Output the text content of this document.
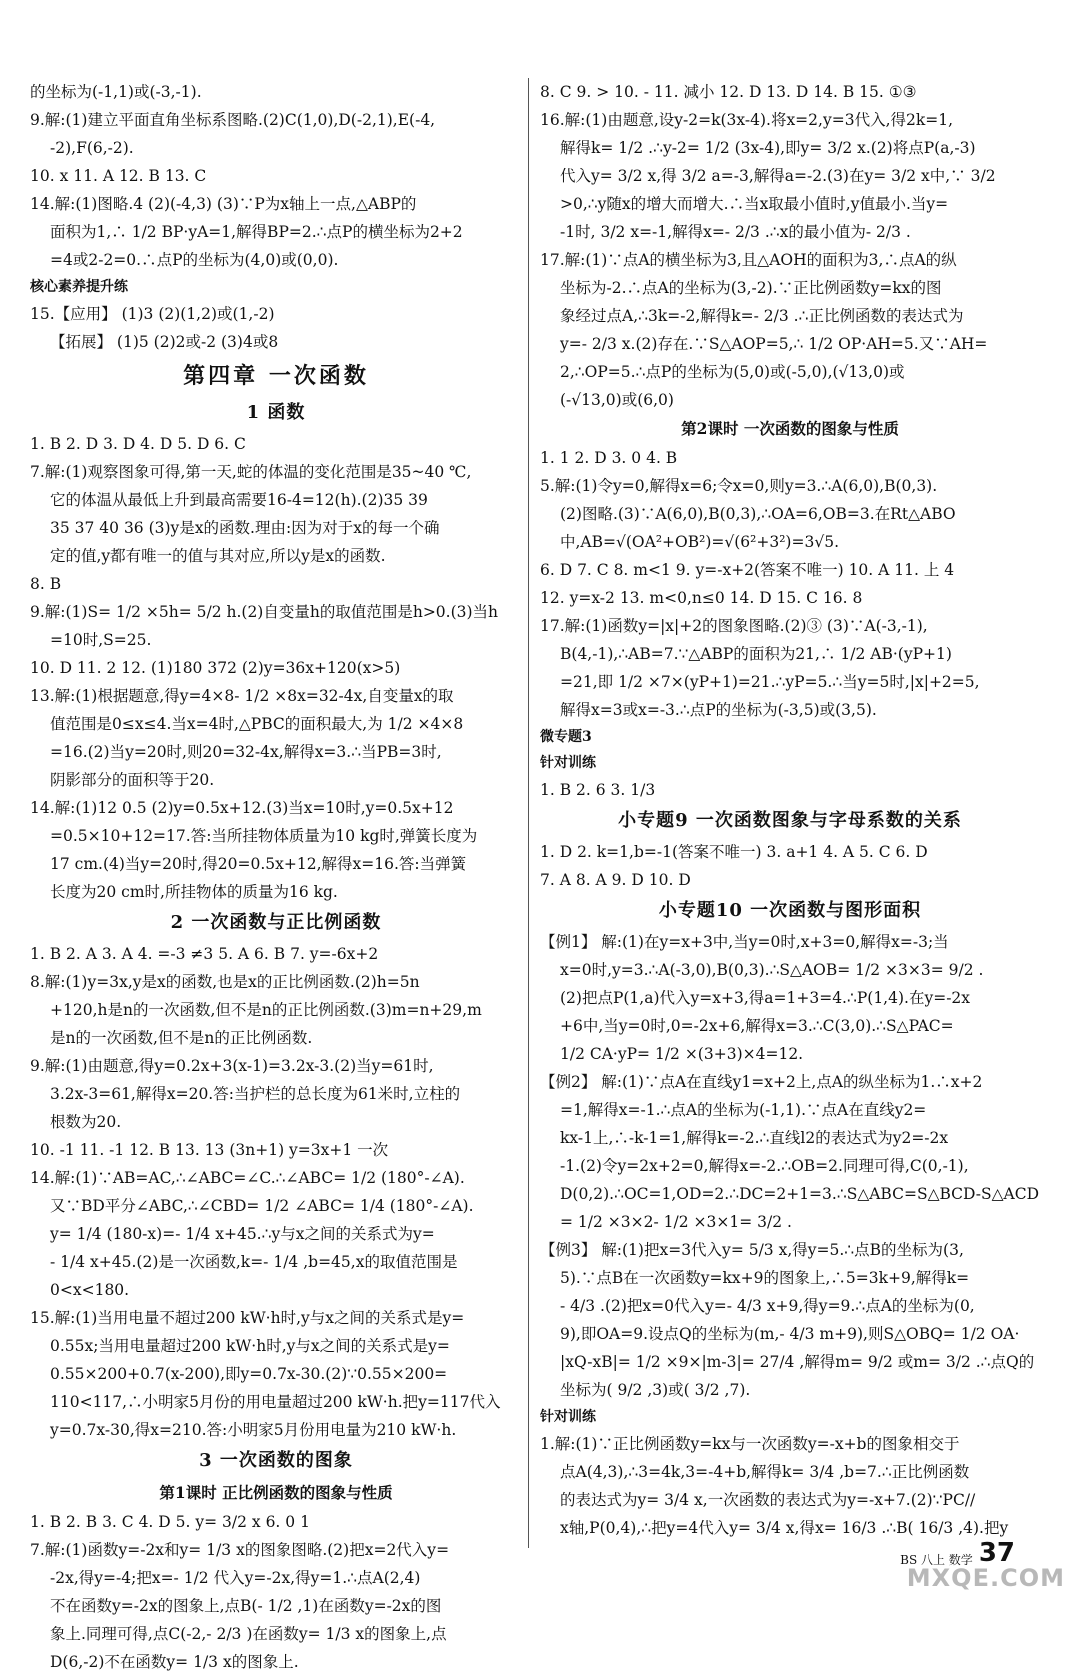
的坐标为(-1,1)或(-3,-1).
9.解:(1)建立平面直角坐标系图略.(2)C(1,0),D(-2,1),E(-4,
-2),F(6,-2).
10. x 11. A 12. B 13. C
14.解:(1)图略.4 (2)(-4,3) (3)∵P为x轴上一点,△ABP的
面积为1,∴ 1/2 BP·yA=1,解得BP=2.∴点P的横坐标为2+2
=4或2-2=0.∴点P的坐标为(4,0)或(0,0).
核心素养提升练
15.【应用】 (1)3 (2)(1,2)或(1,-2)
【拓展】 (1)5 (2)2或-2 (3)4或8
第四章 一次函数
1 函数
1. B 2. D 3. D 4. D 5. D 6. C
7.解:(1)观察图象可得,第一天,蛇的体温的变化范围是35~40 ℃,
它的体温从最低上升到最高需要16-4=12(h).(2)35 39
35 37 40 36 (3)y是x的函数.理由:因为对于x的每一个确
定的值,y都有唯一的值与其对应,所以y是x的函数.
8. B
9.解:(1)S= 1/2 ×5h= 5/2 h.(2)自变量h的取值范围是h>0.(3)当h
=10时,S=25.
10. D 11. 2 12. (1)180 372 (2)y=36x+120(x>5)
13.解:(1)根据题意,得y=4×8- 1/2 ×8x=32-4x,自变量x的取
值范围是0≤x≤4.当x=4时,△PBC的面积最大,为 1/2 ×4×8
=16.(2)当y=20时,则20=32-4x,解得x=3.∴当PB=3时,
阴影部分的面积等于20.
14.解:(1)12 0.5 (2)y=0.5x+12.(3)当x=10时,y=0.5x+12
=0.5×10+12=17.答:当所挂物体质量为10 kg时,弹簧长度为
17 cm.(4)当y=20时,得20=0.5x+12,解得x=16.答:当弹簧
长度为20 cm时,所挂物体的质量为16 kg.
2 一次函数与正比例函数
1. B 2. A 3. A 4. =-3 ≠3 5. A 6. B 7. y=-6x+2
8.解:(1)y=3x,y是x的函数,也是x的正比例函数.(2)h=5n
+120,h是n的一次函数,但不是n的正比例函数.(3)m=n+29,m
是n的一次函数,但不是n的正比例函数.
9.解:(1)由题意,得y=0.2x+3(x-1)=3.2x-3.(2)当y=61时,
3.2x-3=61,解得x=20.答:当护栏的总长度为61米时,立柱的
根数为20.
10. -1 11. -1 12. B 13. 13 (3n+1) y=3x+1 一次
14.解:(1)∵AB=AC,∴∠ABC=∠C.∴∠ABC= 1/2 (180°-∠A).
又∵BD平分∠ABC,∴∠CBD= 1/2 ∠ABC= 1/4 (180°-∠A).
y= 1/4 (180-x)=- 1/4 x+45.∴y与x之间的关系式为y=
- 1/4 x+45.(2)是一次函数,k=- 1/4 ,b=45,x的取值范围是
0<x<180.
15.解:(1)当用电量不超过200 kW·h时,y与x之间的关系式是y=
0.55x;当用电量超过200 kW·h时,y与x之间的关系式是y=
0.55×200+0.7(x-200),即y=0.7x-30.(2)∵0.55×200=
110<117,∴小明家5月份的用电量超过200 kW·h.把y=117代入
y=0.7x-30,得x=210.答:小明家5月份用电量为210 kW·h.
3 一次函数的图象
第1课时 正比例函数的图象与性质
1. B 2. B 3. C 4. D 5. y= 3/2 x 6. 0 1
7.解:(1)函数y=-2x和y= 1/3 x的图象图略.(2)把x=2代入y=
-2x,得y=-4;把x=- 1/2 代入y=-2x,得y=1.∴点A(2,4)
不在函数y=-2x的图象上,点B(- 1/2 ,1)在函数y=-2x的图
象上.同理可得,点C(-2,- 2/3 )在函数y= 1/3 x的图象上,点
D(6,-2)不在函数y= 1/3 x的图象上.
8. C 9. > 10. - 11. 减小 12. D 13. D 14. B 15. ①③
16.解:(1)由题意,设y-2=k(3x-4).将x=2,y=3代入,得2k=1,
解得k= 1/2 .∴y-2= 1/2 (3x-4),即y= 3/2 x.(2)将点P(a,-3)
代入y= 3/2 x,得 3/2 a=-3,解得a=-2.(3)在y= 3/2 x中,∵ 3/2
>0,∴y随x的增大而增大.∴当x取最小值时,y值最小.当y=
-1时, 3/2 x=-1,解得x=- 2/3 .∴x的最小值为- 2/3 .
17.解:(1)∵点A的横坐标为3,且△AOH的面积为3,∴点A的纵
坐标为-2.∴点A的坐标为(3,-2).∵正比例函数y=kx的图
象经过点A,∴3k=-2,解得k=- 2/3 .∴正比例函数的表达式为
y=- 2/3 x.(2)存在.∵S△AOP=5,∴ 1/2 OP·AH=5.又∵AH=
2,∴OP=5.∴点P的坐标为(5,0)或(-5,0),(√13,0)或
(-√13,0)或(6,0)
第2课时 一次函数的图象与性质
1. 1 2. D 3. 0 4. B
5.解:(1)令y=0,解得x=6;令x=0,则y=3.∴A(6,0),B(0,3).
(2)图略.(3)∵A(6,0),B(0,3),∴OA=6,OB=3.在Rt△ABO
中,AB=√(OA²+OB²)=√(6²+3²)=3√5.
6. D 7. C 8. m<1 9. y=-x+2(答案不唯一) 10. A 11. 上 4
12. y=x-2 13. m<0,n≤0 14. D 15. C 16. 8
17.解:(1)函数y=|x|+2的图象图略.(2)③ (3)∵A(-3,-1),
B(4,-1),∴AB=7.∵△ABP的面积为21,∴ 1/2 AB·(yP+1)
=21,即 1/2 ×7×(yP+1)=21.∴yP=5.∴当y=5时,|x|+2=5,
解得x=3或x=-3.∴点P的坐标为(-3,5)或(3,5).
微专题3
针对训练
1. B 2. 6 3. 1/3
小专题9 一次函数图象与字母系数的关系
1. D 2. k=1,b=-1(答案不唯一) 3. a+1 4. A 5. C 6. D
7. A 8. A 9. D 10. D
小专题10 一次函数与图形面积
【例1】 解:(1)在y=x+3中,当y=0时,x+3=0,解得x=-3;当
x=0时,y=3.∴A(-3,0),B(0,3).∴S△AOB= 1/2 ×3×3= 9/2 .
(2)把点P(1,a)代入y=x+3,得a=1+3=4.∴P(1,4).在y=-2x
+6中,当y=0时,0=-2x+6,解得x=3.∴C(3,0).∴S△PAC=
1/2 CA·yP= 1/2 ×(3+3)×4=12.
【例2】 解:(1)∵点A在直线y1=x+2上,点A的纵坐标为1.∴x+2
=1,解得x=-1.∴点A的坐标为(-1,1).∵点A在直线y2=
kx-1上,∴-k-1=1,解得k=-2.∴直线l2的表达式为y2=-2x
-1.(2)令y=2x+2=0,解得x=-2.∴OB=2.同理可得,C(0,-1),
D(0,2).∴OC=1,OD=2.∴DC=2+1=3.∴S△ABC=S△BCD-S△ACD
= 1/2 ×3×2- 1/2 ×3×1= 3/2 .
【例3】 解:(1)把x=3代入y= 5/3 x,得y=5.∴点B的坐标为(3,
5).∵点B在一次函数y=kx+9的图象上,∴5=3k+9,解得k=
- 4/3 .(2)把x=0代入y=- 4/3 x+9,得y=9.∴点A的坐标为(0,
9),即OA=9.设点Q的坐标为(m,- 4/3 m+9),则S△OBQ= 1/2 OA·
|xQ-xB|= 1/2 ×9×|m-3|= 27/4 ,解得m= 9/2 或m= 3/2 .∴点Q的
坐标为( 9/2 ,3)或( 3/2 ,7).
针对训练
1.解:(1)∵正比例函数y=kx与一次函数y=-x+b的图象相交于
点A(4,3),∴3=4k,3=-4+b,解得k= 3/4 ,b=7.∴正比例函数
的表达式为y= 3/4 x,一次函数的表达式为y=-x+7.(2)∵PC//
x轴,P(0,4),∴把y=4代入y= 3/4 x,得x= 16/3 .∴B( 16/3 ,4).把y
BS 八上 数学 37
MXQE.COM
